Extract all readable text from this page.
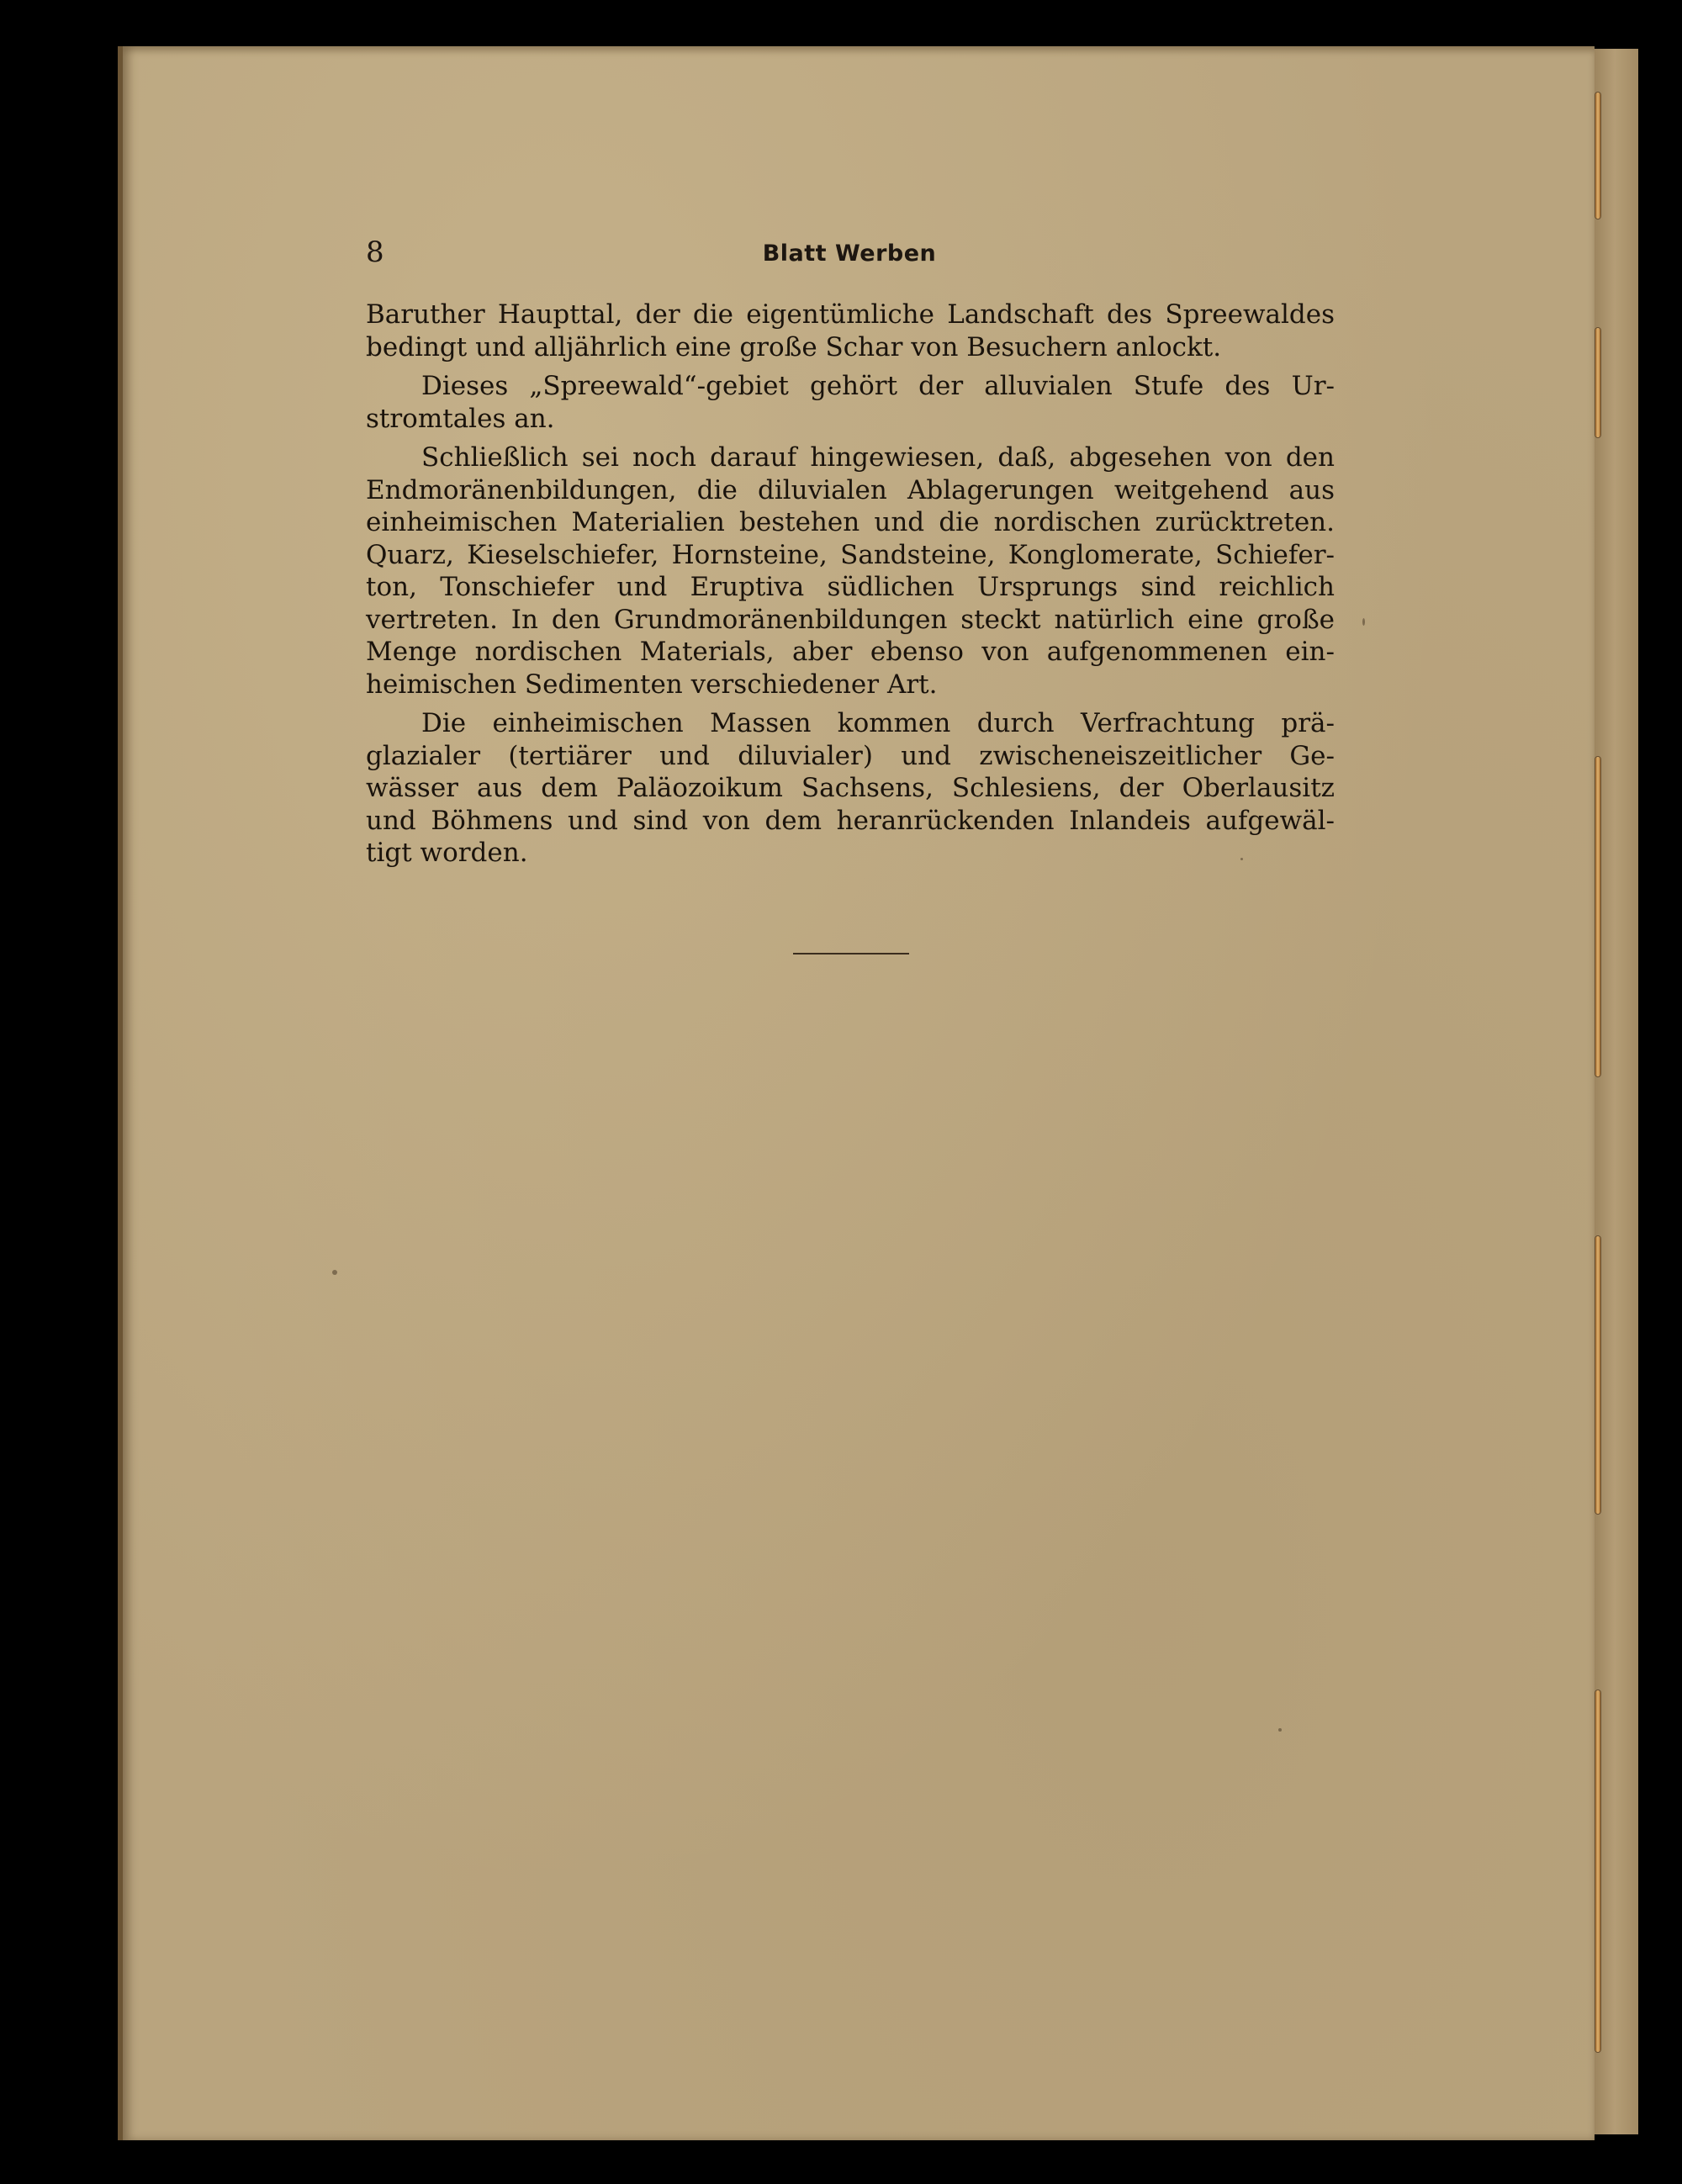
8	Blatt Werben

Baruther Haupttal, der die eigentümliche Landschaft des Spreewaldes
bedingt und alljährlich eine große Schar von Besuchern anlockt.

Dieses „Spreewald“-gebiet gehört der alluvialen Stufe des Ur-
stromtales an.

Schließlich sei noch darauf hingewiesen, daß, abgesehen von den
Endmoränenbildungen, die diluvialen Ablagerungen weitgehend aus
einheimischen Materialien bestehen und die nordischen zurücktreten.
Quarz, Kieselschiefer, Hornsteine, Sandsteine, Konglomerate, Schiefer-
ton, Tonschiefer und Eruptiva südlichen Ursprungs sind reichlich
vertreten. In den Grundmoränenbildungen steckt natürlich eine große
Menge nordischen Materials, aber ebenso von aufgenommenen ein-
heimischen Sedimenten verschiedener Art.

Die einheimischen Massen kommen durch Verfrachtung prä-
glazialer (tertiärer und diluvialer) und zwischeneiszeitlicher Ge-
wässer aus dem Paläozoikum Sachsens, Schlesiens, der Oberlausitz
und Böhmens und sind von dem heranrückenden Inlandeis aufgewäl-
tigt worden.
